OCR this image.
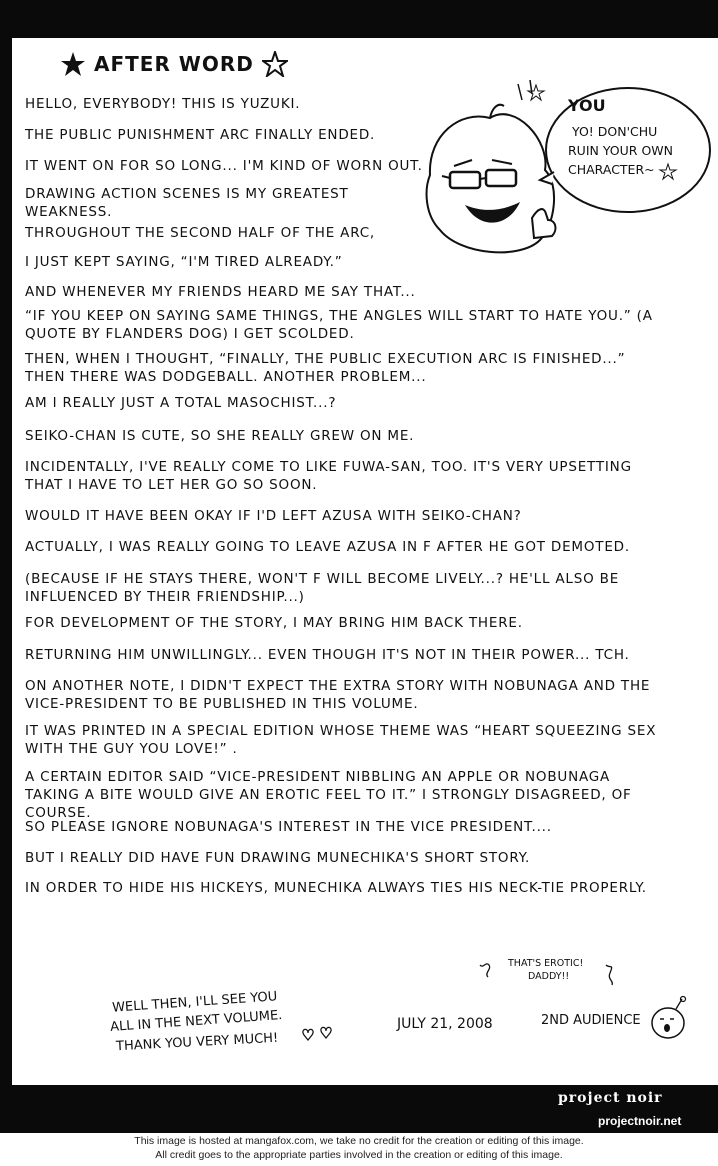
AFTER WORD
HELLO, EVERYBODY! THIS IS YUZUKI.
THE PUBLIC PUNISHMENT ARC FINALLY ENDED.
IT WENT ON FOR SO LONG... I'M KIND OF WORN OUT.
DRAWING ACTION SCENES IS MY GREATEST WEAKNESS.
THROUGHOUT THE SECOND HALF OF THE ARC,
I JUST KEPT SAYING, “I'M TIRED ALREADY.”
AND WHENEVER MY FRIENDS HEARD ME SAY THAT...
“IF YOU KEEP ON SAYING SAME THINGS, THE ANGLES WILL START TO HATE YOU.” (A QUOTE BY FLANDERS DOG) I GET SCOLDED.
THEN, WHEN I THOUGHT, “FINALLY, THE PUBLIC EXECUTION ARC IS FINISHED...” THEN THERE WAS DODGEBALL. ANOTHER PROBLEM...
AM I REALLY JUST A TOTAL MASOCHIST...?
SEIKO-CHAN IS CUTE, SO SHE REALLY GREW ON ME.
INCIDENTALLY, I'VE REALLY COME TO LIKE FUWA-SAN, TOO. IT'S VERY UPSETTING THAT I HAVE TO LET HER GO SO SOON.
WOULD IT HAVE BEEN OKAY IF I'D LEFT AZUSA WITH SEIKO-CHAN?
ACTUALLY, I WAS REALLY GOING TO LEAVE AZUSA IN F AFTER HE GOT DEMOTED.
(BECAUSE IF HE STAYS THERE, WON'T F WILL BECOME LIVELY...? HE'LL ALSO BE INFLUENCED BY THEIR FRIENDSHIP...)
FOR DEVELOPMENT OF THE STORY, I MAY BRING HIM BACK THERE.
RETURNING HIM UNWILLINGLY... EVEN THOUGH IT'S NOT IN THEIR POWER... TCH.
ON ANOTHER NOTE, I DIDN'T EXPECT THE EXTRA STORY WITH NOBUNAGA AND THE VICE-PRESIDENT TO BE PUBLISHED IN THIS VOLUME.
IT WAS PRINTED IN A SPECIAL EDITION WHOSE THEME WAS “HEART SQUEEZING SEX WITH THE GUY YOU LOVE!” .
A CERTAIN EDITOR SAID “VICE-PRESIDENT NIBBLING AN APPLE OR NOBUNAGA TAKING A BITE WOULD GIVE AN EROTIC FEEL TO IT.” I STRONGLY DISAGREED, OF COURSE.
SO PLEASE IGNORE NOBUNAGA'S INTEREST IN THE VICE PRESIDENT....
BUT I REALLY DID HAVE FUN DRAWING MUNECHIKA'S SHORT STORY.
IN ORDER TO HIDE HIS HICKEYS, MUNECHIKA ALWAYS TIES HIS NECK-TIE PROPERLY.
YOU
YO! DON'CHU
RUIN YOUR OWN
CHARACTER~
THAT'S EROTIC!
DADDY!!
WELL THEN, I'LL SEE YOU
ALL IN THE NEXT VOLUME.
THANK YOU VERY MUCH!
JULY 21, 2008	2ND AUDIENCE
project noir
projectnoir.net
This image is hosted at mangafox.com, we take no credit for the creation or editing of this image.
All credit goes to the appropriate parties involved in the creation or editing of this image.
